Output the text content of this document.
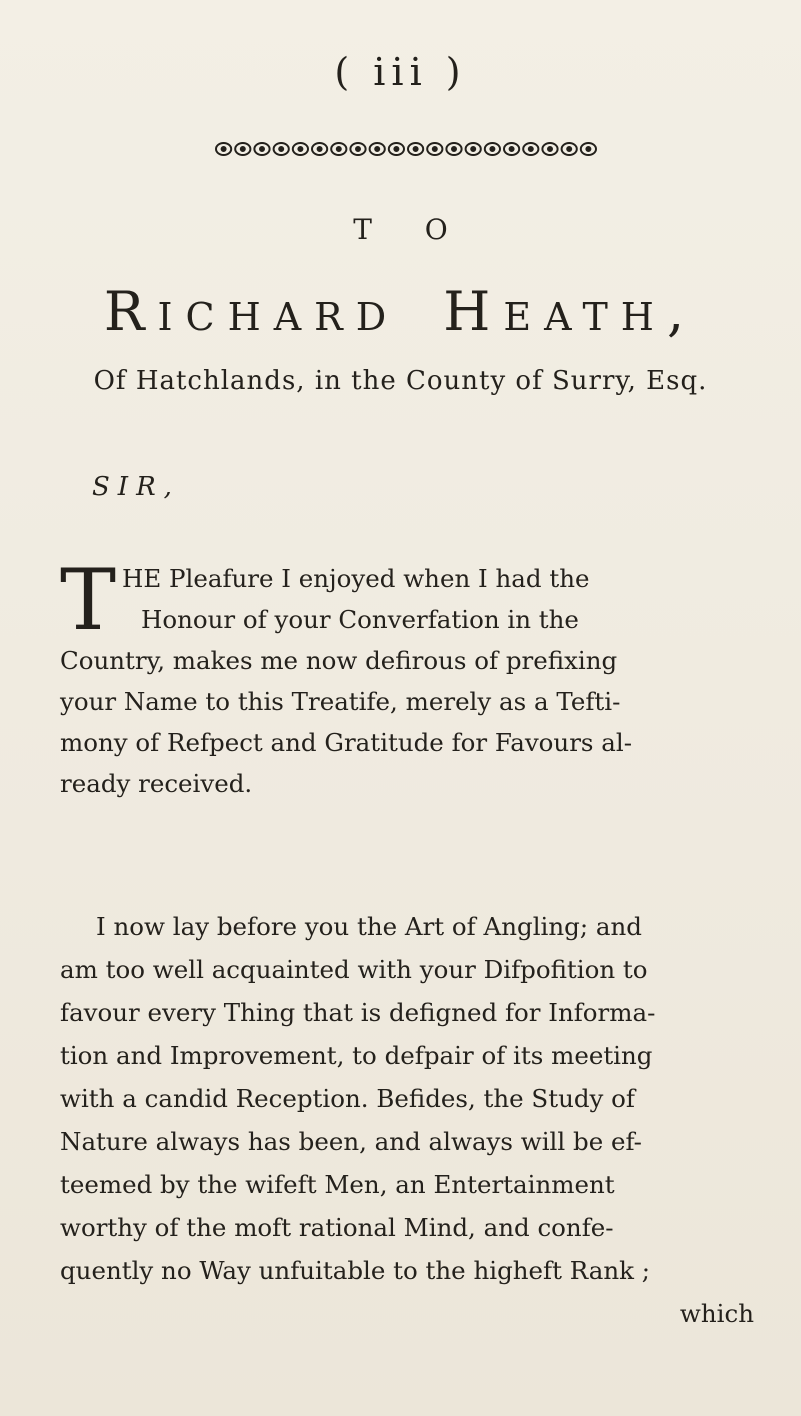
( iii )
T O
Richard Heath,
Of Hatchlands, in the County of Surry, Esq.
SIR,
T HE Pleafure I enjoyed when I had the
Honour of your Converfation in the
Country, makes me now defirous of prefixing
your Name to this Treatife, merely as a Tefti-
mony of Refpect and Gratitude for Favours al-
ready received.
I now lay before you the Art of Angling; and
am too well acquainted with your Difpofition to
favour every Thing that is defigned for Informa-
tion and Improvement, to defpair of its meeting
with a candid Reception. Befides, the Study of
Nature always has been, and always will be ef-
teemed by the wifeft Men, an Entertainment
worthy of the moft rational Mind, and confe-
quently no Way unfuitable to the higheft Rank ;
which
